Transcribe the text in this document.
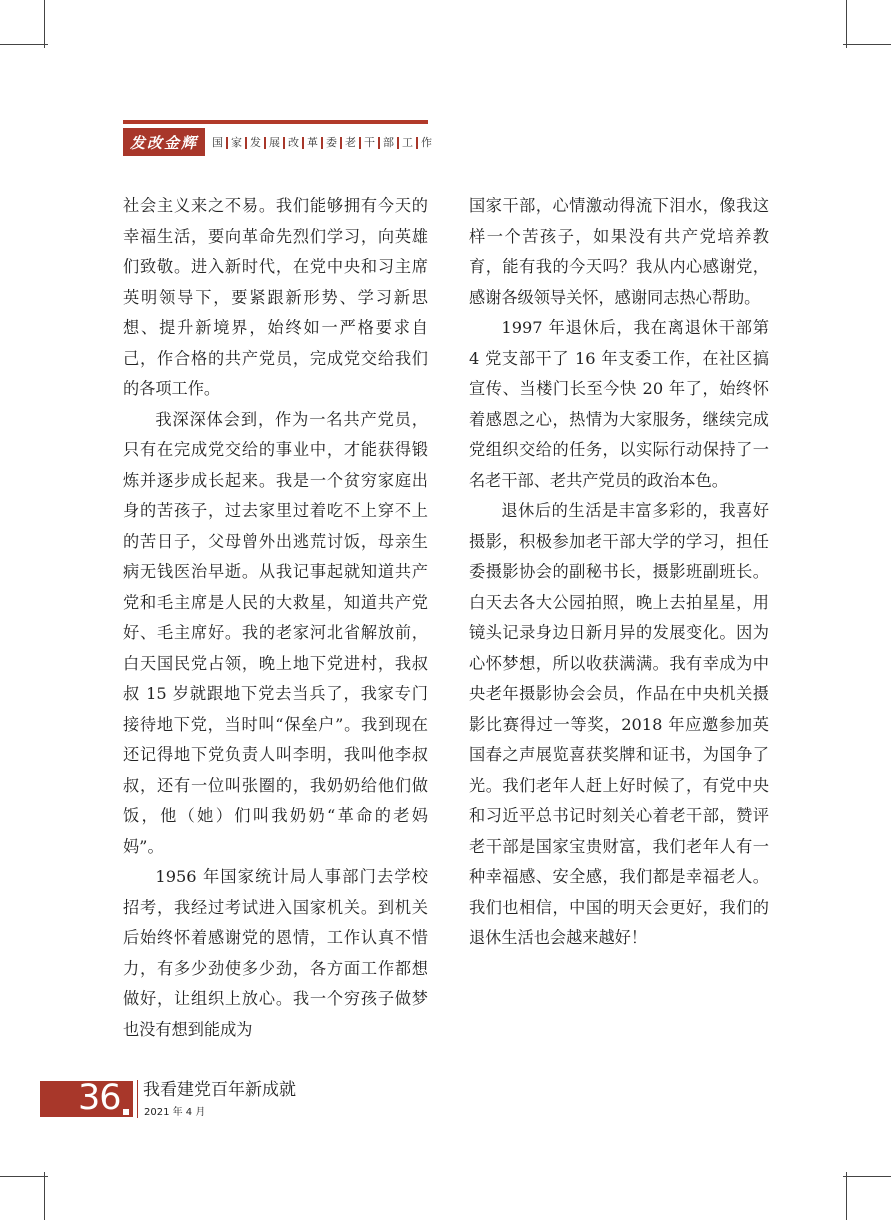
发改金辉	国 家 发 展 改 革 委 老 干 部 工 作

社会主义来之不易。我们能够拥有今天的幸福生活，要向革命先烈们学习，向英雄们致敬。进入新时代，在党中央和习主席英明领导下，要紧跟新形势、学习新思想、提升新境界，始终如一严格要求自己，作合格的共产党员，完成党交给我们的各项工作。

我深深体会到，作为一名共产党员，只有在完成党交给的事业中，才能获得锻炼并逐步成长起来。我是一个贫穷家庭出身的苦孩子，过去家里过着吃不上穿不上的苦日子，父母曾外出逃荒讨饭，母亲生病无钱医治早逝。从我记事起就知道共产党和毛主席是人民的大救星，知道共产党好、毛主席好。我的老家河北省解放前，白天国民党占领，晚上地下党进村，我叔叔 15 岁就跟地下党去当兵了，我家专门接待地下党，当时叫“保垒户”。我到现在还记得地下党负责人叫李明，我叫他李叔叔，还有一位叫张圈的，我奶奶给他们做饭，他（她）们叫我奶奶“革命的老妈妈”。

1956 年国家统计局人事部门去学校招考，我经过考试进入国家机关。到机关后始终怀着感谢党的恩情，工作认真不惜力，有多少劲使多少劲，各方面工作都想做好，让组织上放心。我一个穷孩子做梦也没有想到能成为

国家干部，心情激动得流下泪水，像我这样一个苦孩子，如果没有共产党培养教育，能有我的今天吗？我从内心感谢党，感谢各级领导关怀，感谢同志热心帮助。

1997 年退休后，我在离退休干部第 4 党支部干了 16 年支委工作，在社区搞宣传、当楼门长至今快 20 年了，始终怀着感恩之心，热情为大家服务，继续完成党组织交给的任务，以实际行动保持了一名老干部、老共产党员的政治本色。

退休后的生活是丰富多彩的，我喜好摄影，积极参加老干部大学的学习，担任委摄影协会的副秘书长，摄影班副班长。白天去各大公园拍照，晚上去拍星星，用镜头记录身边日新月异的发展变化。因为心怀梦想，所以收获满满。我有幸成为中央老年摄影协会会员，作品在中央机关摄影比赛得过一等奖，2018 年应邀参加英国春之声展览喜获奖牌和证书，为国争了光。我们老年人赶上好时候了，有党中央和习近平总书记时刻关心着老干部，赞评老干部是国家宝贵财富，我们老年人有一种幸福感、安全感，我们都是幸福老人。我们也相信，中国的明天会更好，我们的退休生活也会越来越好！

36 我看建党百年新成就
2021 年 4 月
